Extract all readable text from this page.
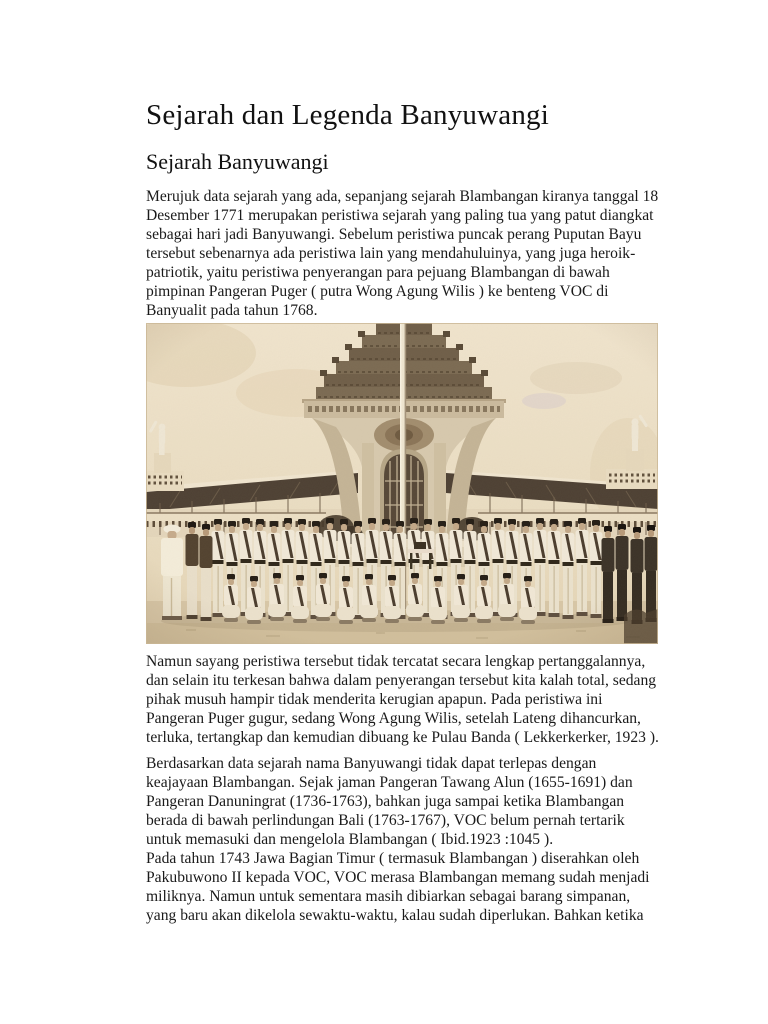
Sejarah dan Legenda Banyuwangi
Sejarah Banyuwangi

Merujuk data sejarah yang ada, sepanjang sejarah Blambangan kiranya tanggal 18
Desember 1771 merupakan peristiwa sejarah yang paling tua yang patut diangkat
sebagai hari jadi Banyuwangi. Sebelum peristiwa puncak perang Puputan Bayu
tersebut sebenarnya ada peristiwa lain yang mendahuluinya, yang juga heroik-
patriotik, yaitu peristiwa penyerangan para pejuang Blambangan di bawah
pimpinan Pangeran Puger ( putra Wong Agung Wilis ) ke benteng VOC di
Banyualit pada tahun 1768.

Namun sayang peristiwa tersebut tidak tercatat secara lengkap pertanggalannya,
dan selain itu terkesan bahwa dalam penyerangan tersebut kita kalah total, sedang
pihak musuh hampir tidak menderita kerugian apapun. Pada peristiwa ini
Pangeran Puger gugur, sedang Wong Agung Wilis, setelah Lateng dihancurkan,
terluka, tertangkap dan kemudian dibuang ke Pulau Banda ( Lekkerkerker, 1923 ).

Berdasarkan data sejarah nama Banyuwangi tidak dapat terlepas dengan
keajayaan Blambangan. Sejak jaman Pangeran Tawang Alun (1655-1691) dan
Pangeran Danuningrat (1736-1763), bahkan juga sampai ketika Blambangan
berada di bawah perlindungan Bali (1763-1767), VOC belum pernah tertarik
untuk memasuki dan mengelola Blambangan ( Ibid.1923 :1045 ).
Pada tahun 1743 Jawa Bagian Timur ( termasuk Blambangan ) diserahkan oleh
Pakubuwono II kepada VOC, VOC merasa Blambangan memang sudah menjadi
miliknya. Namun untuk sementara masih dibiarkan sebagai barang simpanan,
yang baru akan dikelola sewaktu-waktu, kalau sudah diperlukan. Bahkan ketika
